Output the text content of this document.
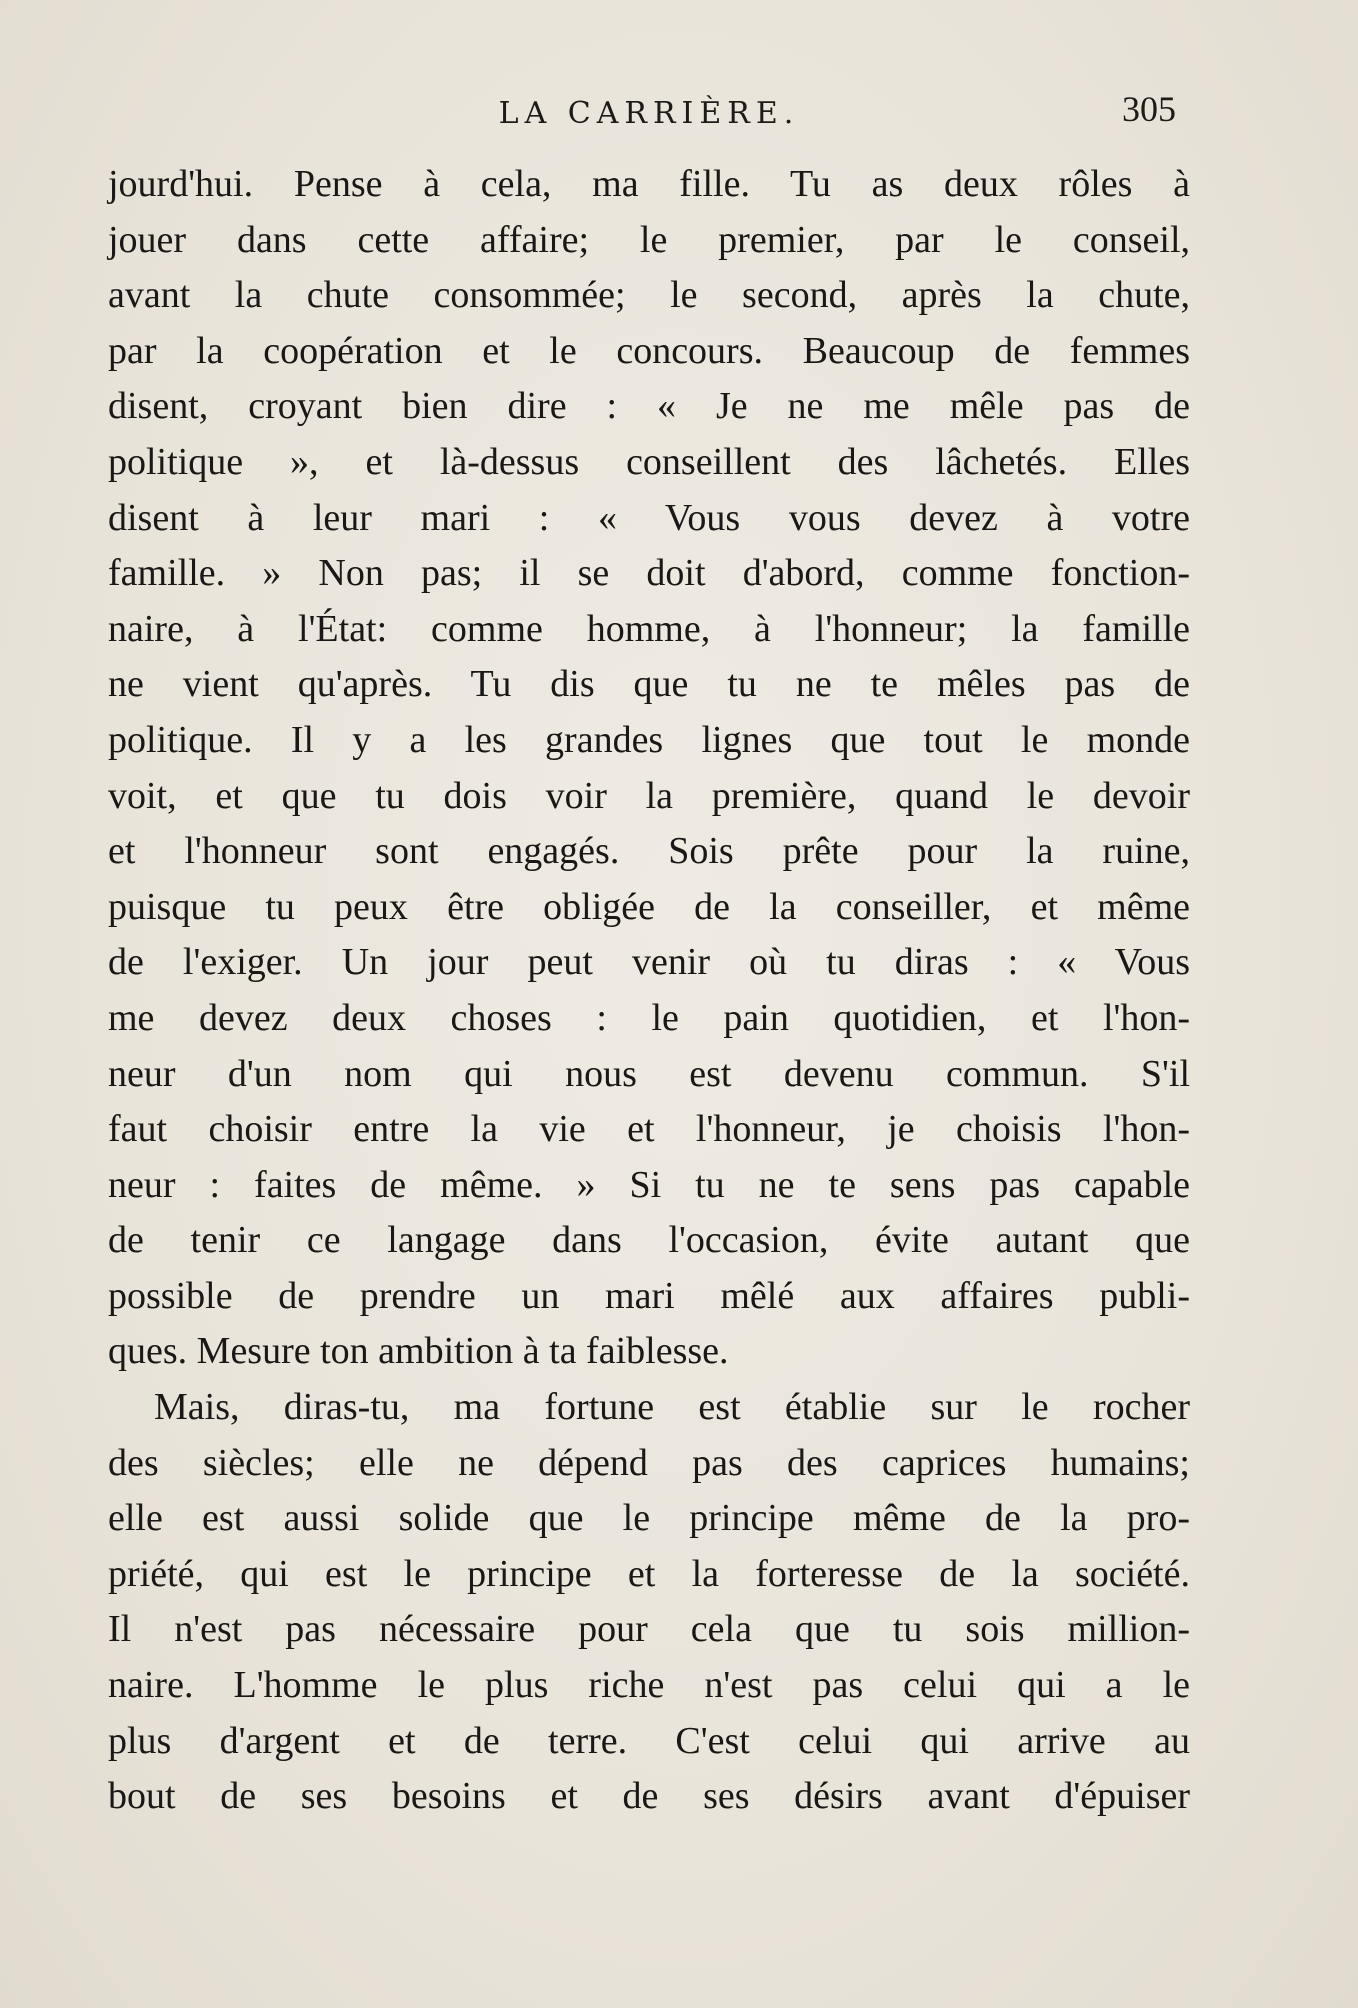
LA CARRIÈRE.	305

jourd'hui. Pense à cela, ma fille. Tu as deux rôles à
jouer dans cette affaire; le premier, par le conseil,
avant la chute consommée; le second, après la chute,
par la coopération et le concours. Beaucoup de femmes
disent, croyant bien dire : « Je ne me mêle pas de
politique », et là-dessus conseillent des lâchetés. Elles
disent à leur mari : « Vous vous devez à votre
famille. » Non pas; il se doit d'abord, comme fonction-
naire, à l'État: comme homme, à l'honneur; la famille
ne vient qu'après. Tu dis que tu ne te mêles pas de
politique. Il y a les grandes lignes que tout le monde
voit, et que tu dois voir la première, quand le devoir
et l'honneur sont engagés. Sois prête pour la ruine,
puisque tu peux être obligée de la conseiller, et même
de l'exiger. Un jour peut venir où tu diras : « Vous
me devez deux choses : le pain quotidien, et l'hon-
neur d'un nom qui nous est devenu commun. S'il
faut choisir entre la vie et l'honneur, je choisis l'hon-
neur : faites de même. » Si tu ne te sens pas capable
de tenir ce langage dans l'occasion, évite autant que
possible de prendre un mari mêlé aux affaires publi-
ques. Mesure ton ambition à ta faiblesse.

Mais, diras-tu, ma fortune est établie sur le rocher
des siècles; elle ne dépend pas des caprices humains;
elle est aussi solide que le principe même de la pro-
priété, qui est le principe et la forteresse de la société.
Il n'est pas nécessaire pour cela que tu sois million-
naire. L'homme le plus riche n'est pas celui qui a le
plus d'argent et de terre. C'est celui qui arrive au
bout de ses besoins et de ses désirs avant d'épuiser
